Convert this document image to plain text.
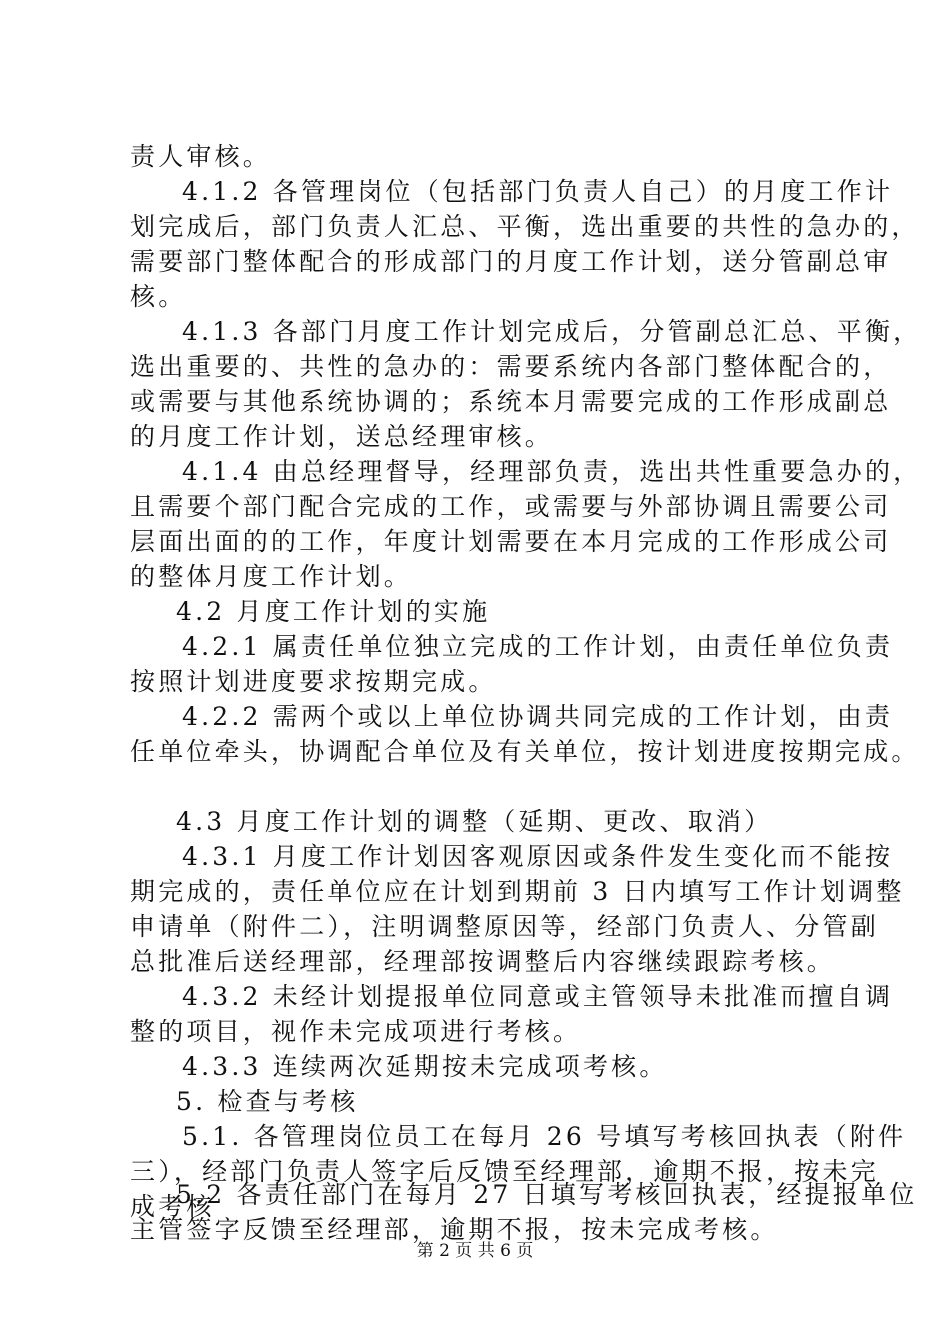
责人审核。
4.1.2 各管理岗位（包括部门负责人自己）的月度工作计
划完成后，部门负责人汇总、平衡，选出重要的共性的急办的，
需要部门整体配合的形成部门的月度工作计划，送分管副总审
核。
4.1.3 各部门月度工作计划完成后，分管副总汇总、平衡，
选出重要的、共性的急办的：需要系统内各部门整体配合的，
或需要与其他系统协调的；系统本月需要完成的工作形成副总
的月度工作计划，送总经理审核。
4.1.4 由总经理督导，经理部负责，选出共性重要急办的，
且需要个部门配合完成的工作，或需要与外部协调且需要公司
层面出面的的工作，年度计划需要在本月完成的工作形成公司
的整体月度工作计划。
4.2 月度工作计划的实施
4.2.1 属责任单位独立完成的工作计划，由责任单位负责
按照计划进度要求按期完成。
4.2.2 需两个或以上单位协调共同完成的工作计划，由责
任单位牵头，协调配合单位及有关单位，按计划进度按期完成。
4.3 月度工作计划的调整（延期、更改、取消）
4.3.1 月度工作计划因客观原因或条件发生变化而不能按
期完成的，责任单位应在计划到期前 3 日内填写工作计划调整
申请单（附件二），注明调整原因等，经部门负责人、分管副
总批准后送经理部，经理部按调整后内容继续跟踪考核。
4.3.2 未经计划提报单位同意或主管领导未批准而擅自调
整的项目，视作未完成项进行考核。
4.3.3 连续两次延期按未完成项考核。
5. 检查与考核
5.1. 各管理岗位员工在每月 26 号填写考核回执表（附件
三），经部门负责人签字后反馈至经理部，逾期不报，按未完
成考核
第 2 页 共 6 页
5.2 各责任部门在每月 27 日填写考核回执表，经提报单位
主管签字反馈至经理部，逾期不报，按未完成考核。
